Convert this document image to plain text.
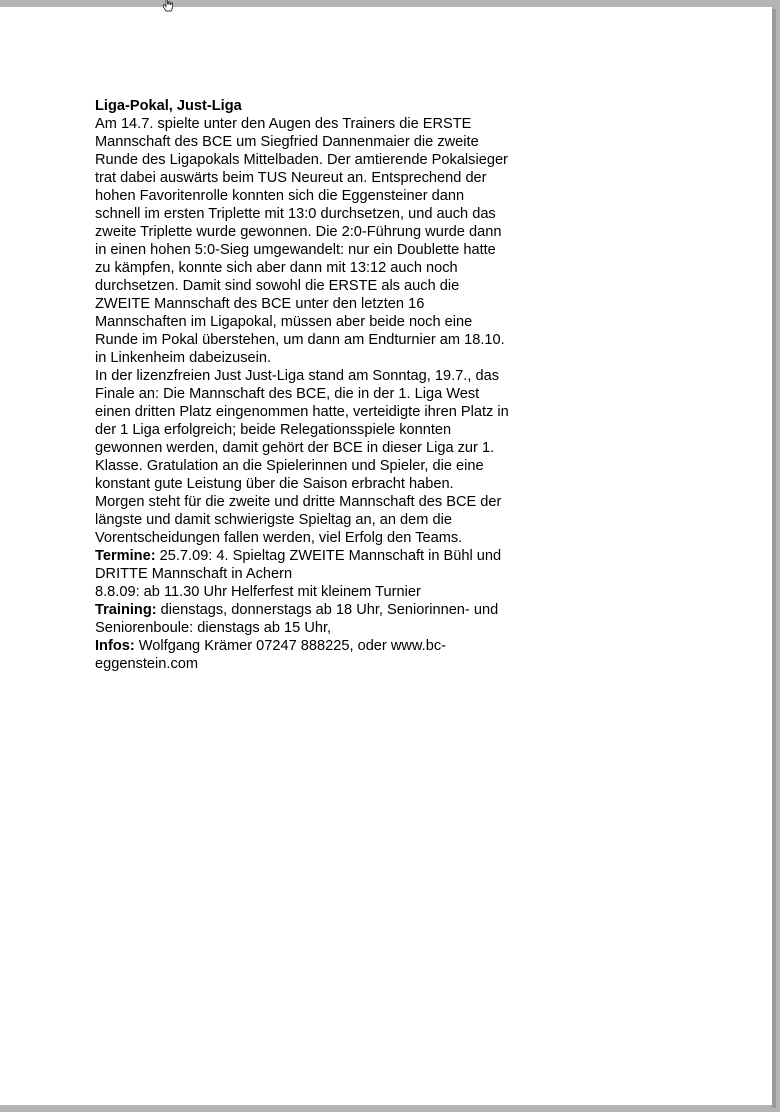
Liga-Pokal, Just-Liga
Am 14.7. spielte unter den Augen des Trainers die ERSTE
Mannschaft des BCE um Siegfried Dannenmaier die zweite
Runde des Ligapokals Mittelbaden. Der amtierende Pokalsieger
trat dabei auswärts beim TUS Neureut an. Entsprechend der
hohen Favoritenrolle konnten sich die Eggensteiner dann
schnell im ersten Triplette mit 13:0 durchsetzen, und auch das
zweite Triplette wurde gewonnen. Die 2:0-Führung wurde dann
in einen hohen 5:0-Sieg umgewandelt: nur ein Doublette hatte
zu kämpfen, konnte sich aber dann mit 13:12 auch noch
durchsetzen. Damit sind sowohl die ERSTE als auch die
ZWEITE Mannschaft des BCE unter den letzten 16
Mannschaften im Ligapokal, müssen aber beide noch eine
Runde im Pokal überstehen, um dann am Endturnier am 18.10.
in Linkenheim dabeizusein.
In der lizenzfreien Just Just-Liga stand am Sonntag, 19.7., das
Finale an: Die Mannschaft des BCE, die in der 1. Liga West
einen dritten Platz eingenommen hatte, verteidigte ihren Platz in
der 1 Liga erfolgreich; beide Relegationsspiele konnten
gewonnen werden, damit gehört der BCE in dieser Liga zur 1.
Klasse. Gratulation an die Spielerinnen und Spieler, die eine
konstant gute Leistung über die Saison erbracht haben.
Morgen steht für die zweite und dritte Mannschaft des BCE der
längste und damit schwierigste Spieltag an, an dem die
Vorentscheidungen fallen werden, viel Erfolg den Teams.
Termine: 25.7.09: 4. Spieltag ZWEITE Mannschaft in Bühl und
DRITTE Mannschaft in Achern
8.8.09: ab 11.30 Uhr Helferfest mit kleinem Turnier
Training: dienstags, donnerstags ab 18 Uhr, Seniorinnen- und
Seniorenboule: dienstags ab 15 Uhr,
Infos: Wolfgang Krämer 07247 888225, oder www.bc-
eggenstein.com
